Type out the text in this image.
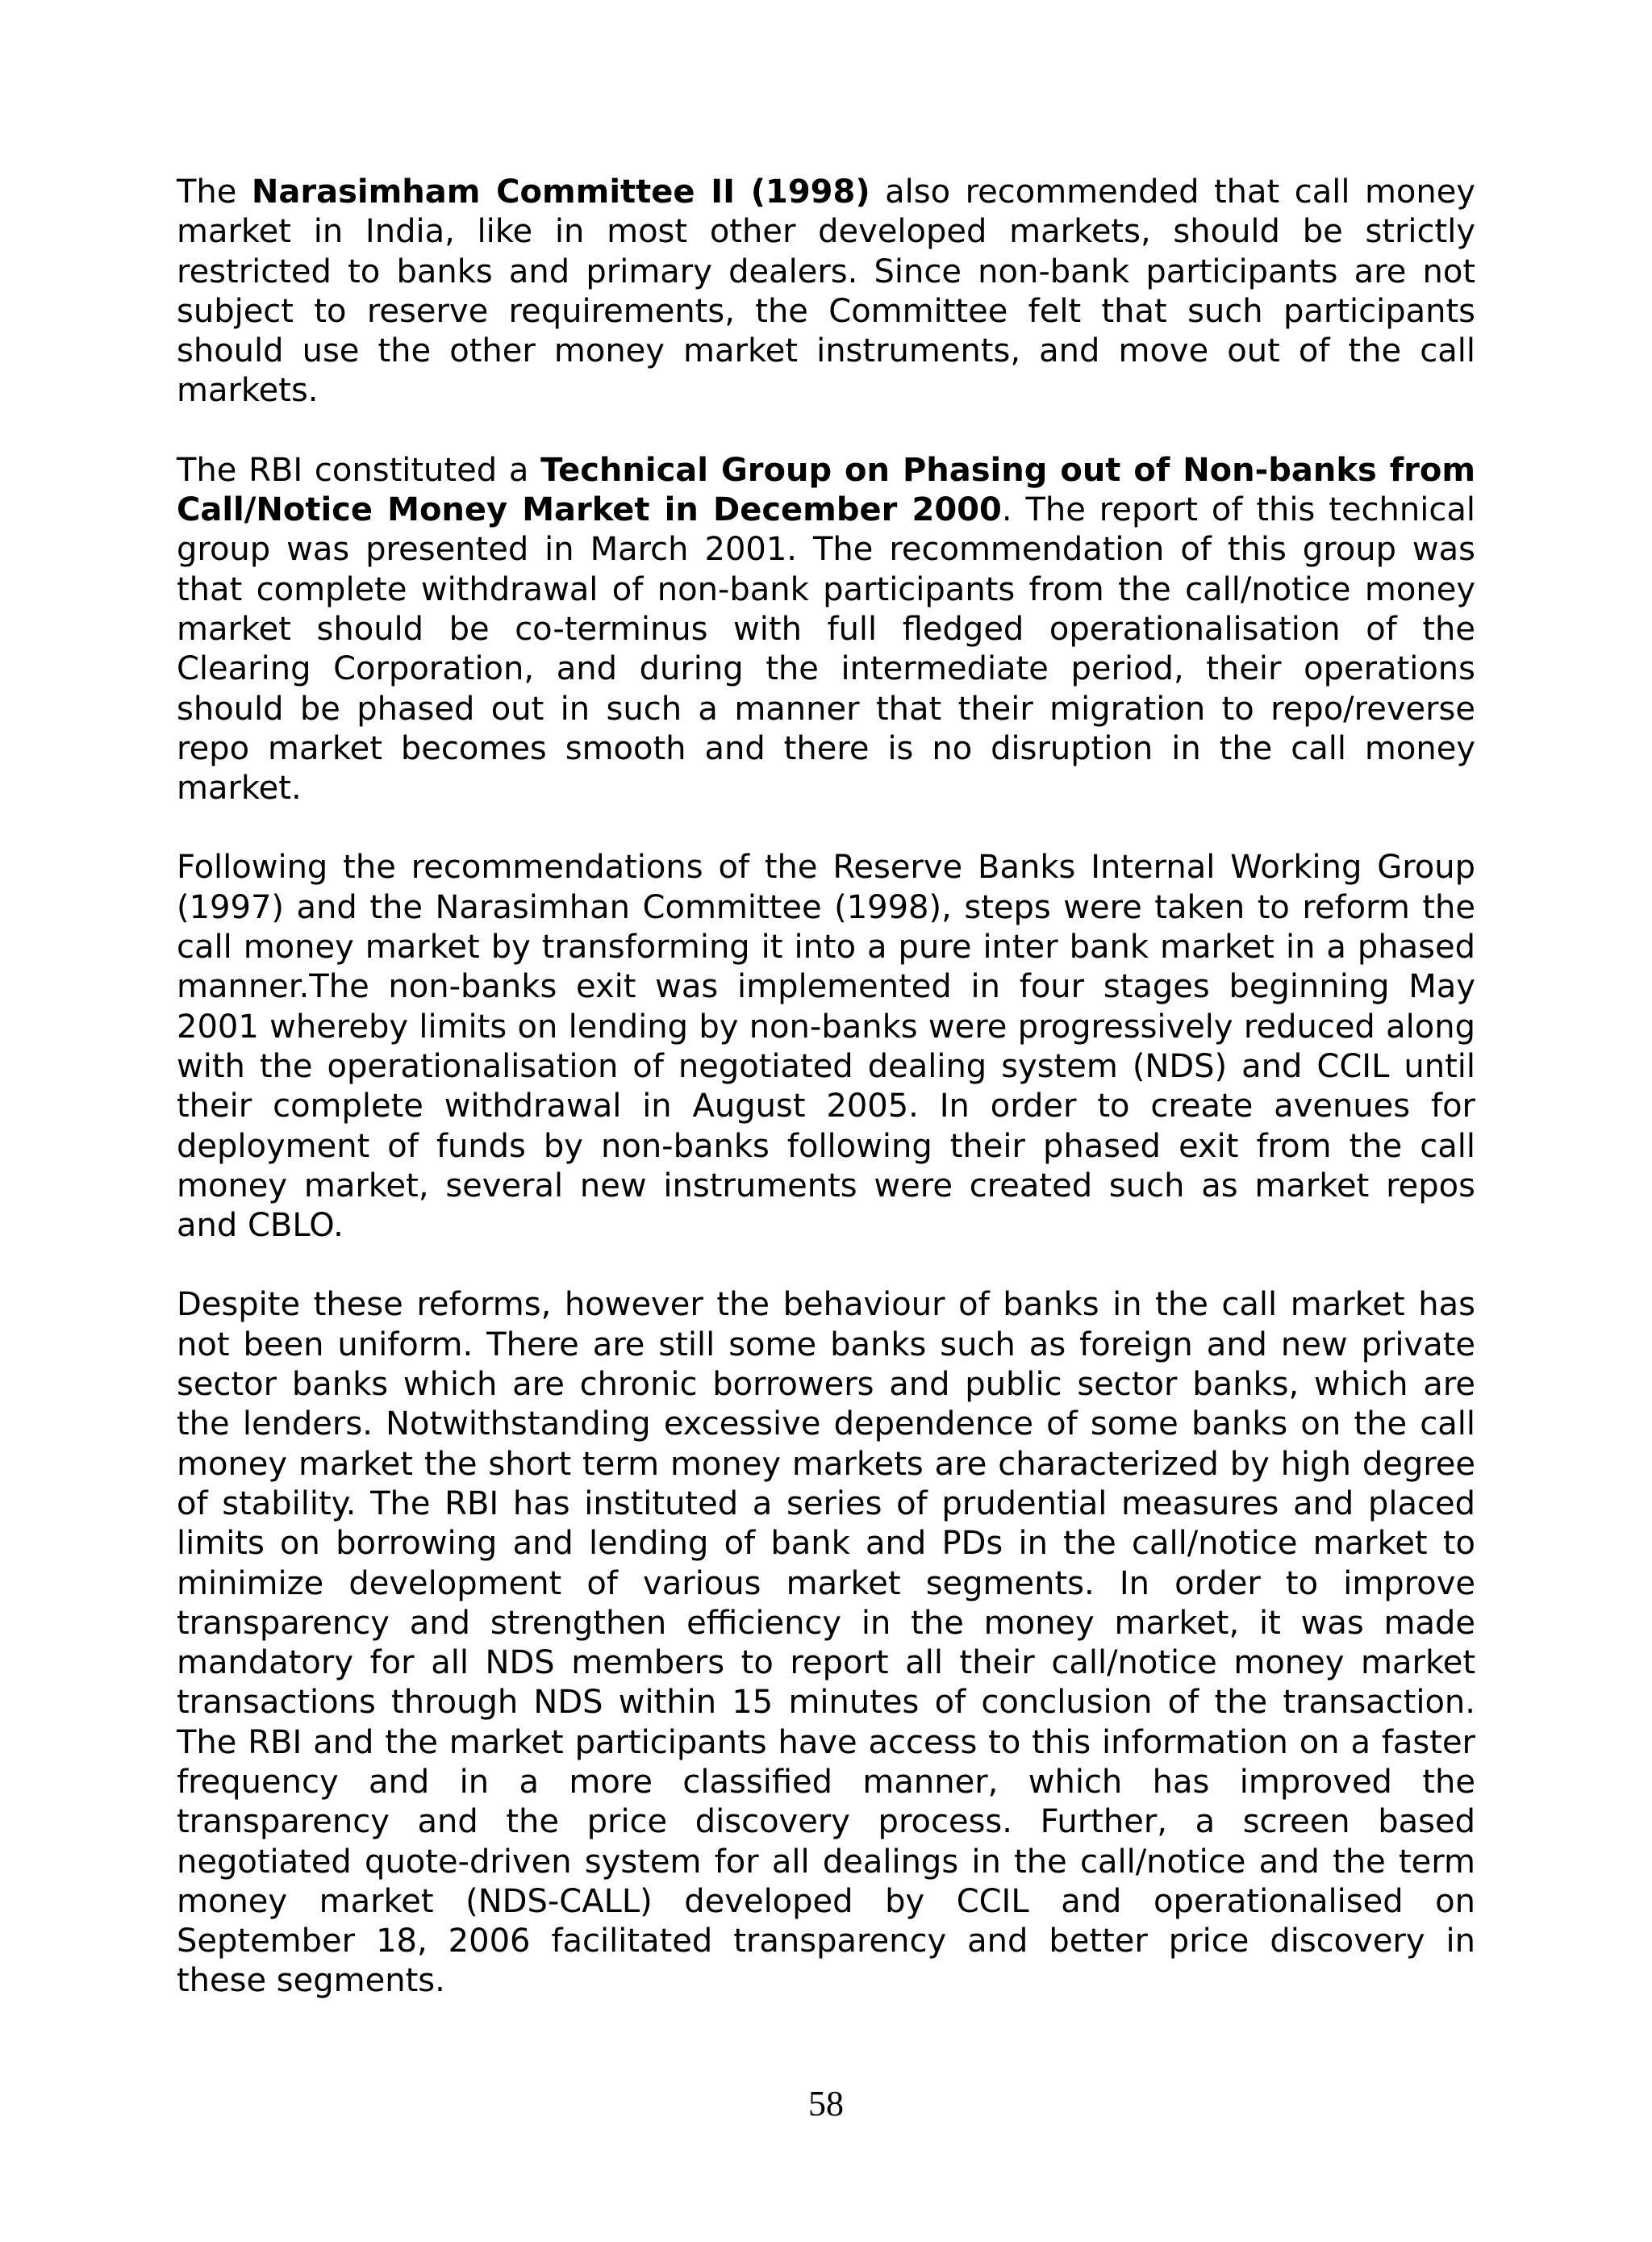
The Narasimham Committee II (1998) also recommended that call money market in India, like in most other developed markets, should be strictly restricted to banks and primary dealers. Since non-bank participants are not subject to reserve requirements, the Committee felt that such participants should use the other money market instruments, and move out of the call markets.

The RBI constituted a Technical Group on Phasing out of Non-banks from Call/Notice Money Market in December 2000. The report of this technical group was presented in March 2001. The recommendation of this group was that complete withdrawal of non-bank participants from the call/notice money market should be co-terminus with full fledged operationalisation of the Clearing Corporation, and during the intermediate period, their operations should be phased out in such a manner that their migration to repo/reverse repo market becomes smooth and there is no disruption in the call money market.

Following the recommendations of the Reserve Banks Internal Working Group (1997) and the Narasimhan Committee (1998), steps were taken to reform the call money market by transforming it into a pure inter bank market in a phased manner.The non-banks exit was implemented in four stages beginning May 2001 whereby limits on lending by non-banks were progressively reduced along with the operationalisation of negotiated dealing system (NDS) and CCIL until their complete withdrawal in August 2005. In order to create avenues for deployment of funds by non-banks following their phased exit from the call money market, several new instruments were created such as market repos and CBLO.

Despite these reforms, however the behaviour of banks in the call market has not been uniform. There are still some banks such as foreign and new private sector banks which are chronic borrowers and public sector banks, which are the lenders. Notwithstanding excessive dependence of some banks on the call money market the short term money markets are characterized by high degree of stability. The RBI has instituted a series of prudential measures and placed limits on borrowing and lending of bank and PDs in the call/notice market to minimize development of various market segments. In order to improve transparency and strengthen efficiency in the money market, it was made mandatory for all NDS members to report all their call/notice money market transactions through NDS within 15 minutes of conclusion of the transaction. The RBI and the market participants have access to this information on a faster frequency and in a more classified manner, which has improved the transparency and the price discovery process. Further, a screen based negotiated quote-driven system for all dealings in the call/notice and the term money market (NDS-CALL) developed by CCIL and operationalised on September 18, 2006 facilitated transparency and better price discovery in these segments.

58
